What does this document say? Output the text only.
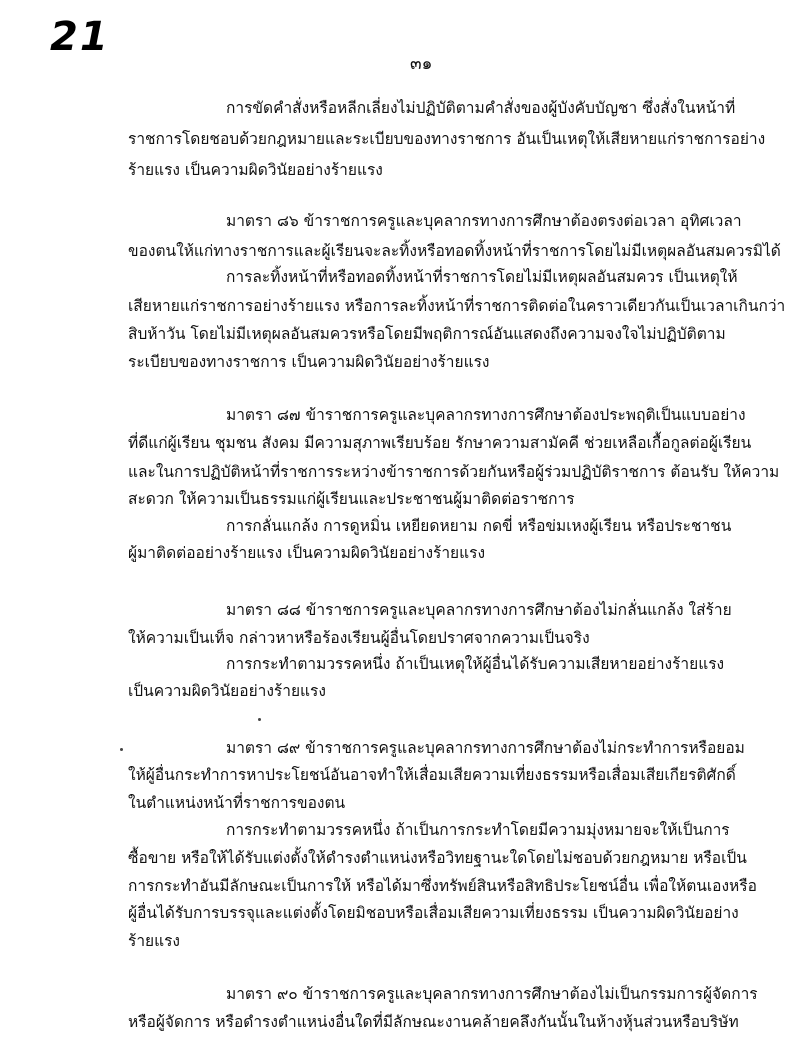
21
๓๑
การขัดคำสั่งหรือหลีกเลี่ยงไม่ปฏิบัติตามคำสั่งของผู้บังคับบัญชา ซึ่งสั่งในหน้าที่
ราชการโดยชอบด้วยกฎหมายและระเบียบของทางราชการ อันเป็นเหตุให้เสียหายแก่ราชการอย่าง
ร้ายแรง เป็นความผิดวินัยอย่างร้ายแรง
มาตรา ๘๖ ข้าราชการครูและบุคลากรทางการศึกษาต้องตรงต่อเวลา อุทิศเวลา
ของตนให้แก่ทางราชการและผู้เรียนจะละทิ้งหรือทอดทิ้งหน้าที่ราชการโดยไม่มีเหตุผลอันสมควรมิได้
การละทิ้งหน้าที่หรือทอดทิ้งหน้าที่ราชการโดยไม่มีเหตุผลอันสมควร เป็นเหตุให้
เสียหายแก่ราชการอย่างร้ายแรง หรือการละทิ้งหน้าที่ราชการติดต่อในคราวเดียวกันเป็นเวลาเกินกว่า
สิบห้าวัน โดยไม่มีเหตุผลอันสมควรหรือโดยมีพฤติการณ์อันแสดงถึงความจงใจไม่ปฏิบัติตาม
ระเบียบของทางราชการ เป็นความผิดวินัยอย่างร้ายแรง
มาตรา ๘๗ ข้าราชการครูและบุคลากรทางการศึกษาต้องประพฤติเป็นแบบอย่าง
ที่ดีแก่ผู้เรียน ชุมชน สังคม มีความสุภาพเรียบร้อย รักษาความสามัคคี ช่วยเหลือเกื้อกูลต่อผู้เรียน
และในการปฏิบัติหน้าที่ราชการระหว่างข้าราชการด้วยกันหรือผู้ร่วมปฏิบัติราชการ ต้อนรับ ให้ความ
สะดวก ให้ความเป็นธรรมแก่ผู้เรียนและประชาชนผู้มาติดต่อราชการ
การกลั่นแกล้ง การดูหมิ่น เหยียดหยาม กดขี่ หรือข่มเหงผู้เรียน หรือประชาชน
ผู้มาติดต่ออย่างร้ายแรง เป็นความผิดวินัยอย่างร้ายแรง
มาตรา ๘๘ ข้าราชการครูและบุคลากรทางการศึกษาต้องไม่กลั่นแกล้ง ใส่ร้าย
ให้ความเป็นเท็จ กล่าวหาหรือร้องเรียนผู้อื่นโดยปราศจากความเป็นจริง
การกระทำตามวรรคหนึ่ง ถ้าเป็นเหตุให้ผู้อื่นได้รับความเสียหายอย่างร้ายแรง
เป็นความผิดวินัยอย่างร้ายแรง
มาตรา ๘๙ ข้าราชการครูและบุคลากรทางการศึกษาต้องไม่กระทำการหรือยอม
ให้ผู้อื่นกระทำการหาประโยชน์อันอาจทำให้เสื่อมเสียความเที่ยงธรรมหรือเสื่อมเสียเกียรติศักดิ์
ในตำแหน่งหน้าที่ราชการของตน
การกระทำตามวรรคหนึ่ง ถ้าเป็นการกระทำโดยมีความมุ่งหมายจะให้เป็นการ
ซื้อขาย หรือให้ได้รับแต่งตั้งให้ดำรงตำแหน่งหรือวิทยฐานะใดโดยไม่ชอบด้วยกฎหมาย หรือเป็น
การกระทำอันมีลักษณะเป็นการให้ หรือได้มาซึ่งทรัพย์สินหรือสิทธิประโยชน์อื่น เพื่อให้ตนเองหรือ
ผู้อื่นได้รับการบรรจุและแต่งตั้งโดยมิชอบหรือเสื่อมเสียความเที่ยงธรรม เป็นความผิดวินัยอย่าง
ร้ายแรง
มาตรา ๙๐ ข้าราชการครูและบุคลากรทางการศึกษาต้องไม่เป็นกรรมการผู้จัดการ
หรือผู้จัดการ หรือดำรงตำแหน่งอื่นใดที่มีลักษณะงานคล้ายคลึงกันนั้นในห้างหุ้นส่วนหรือบริษัท
